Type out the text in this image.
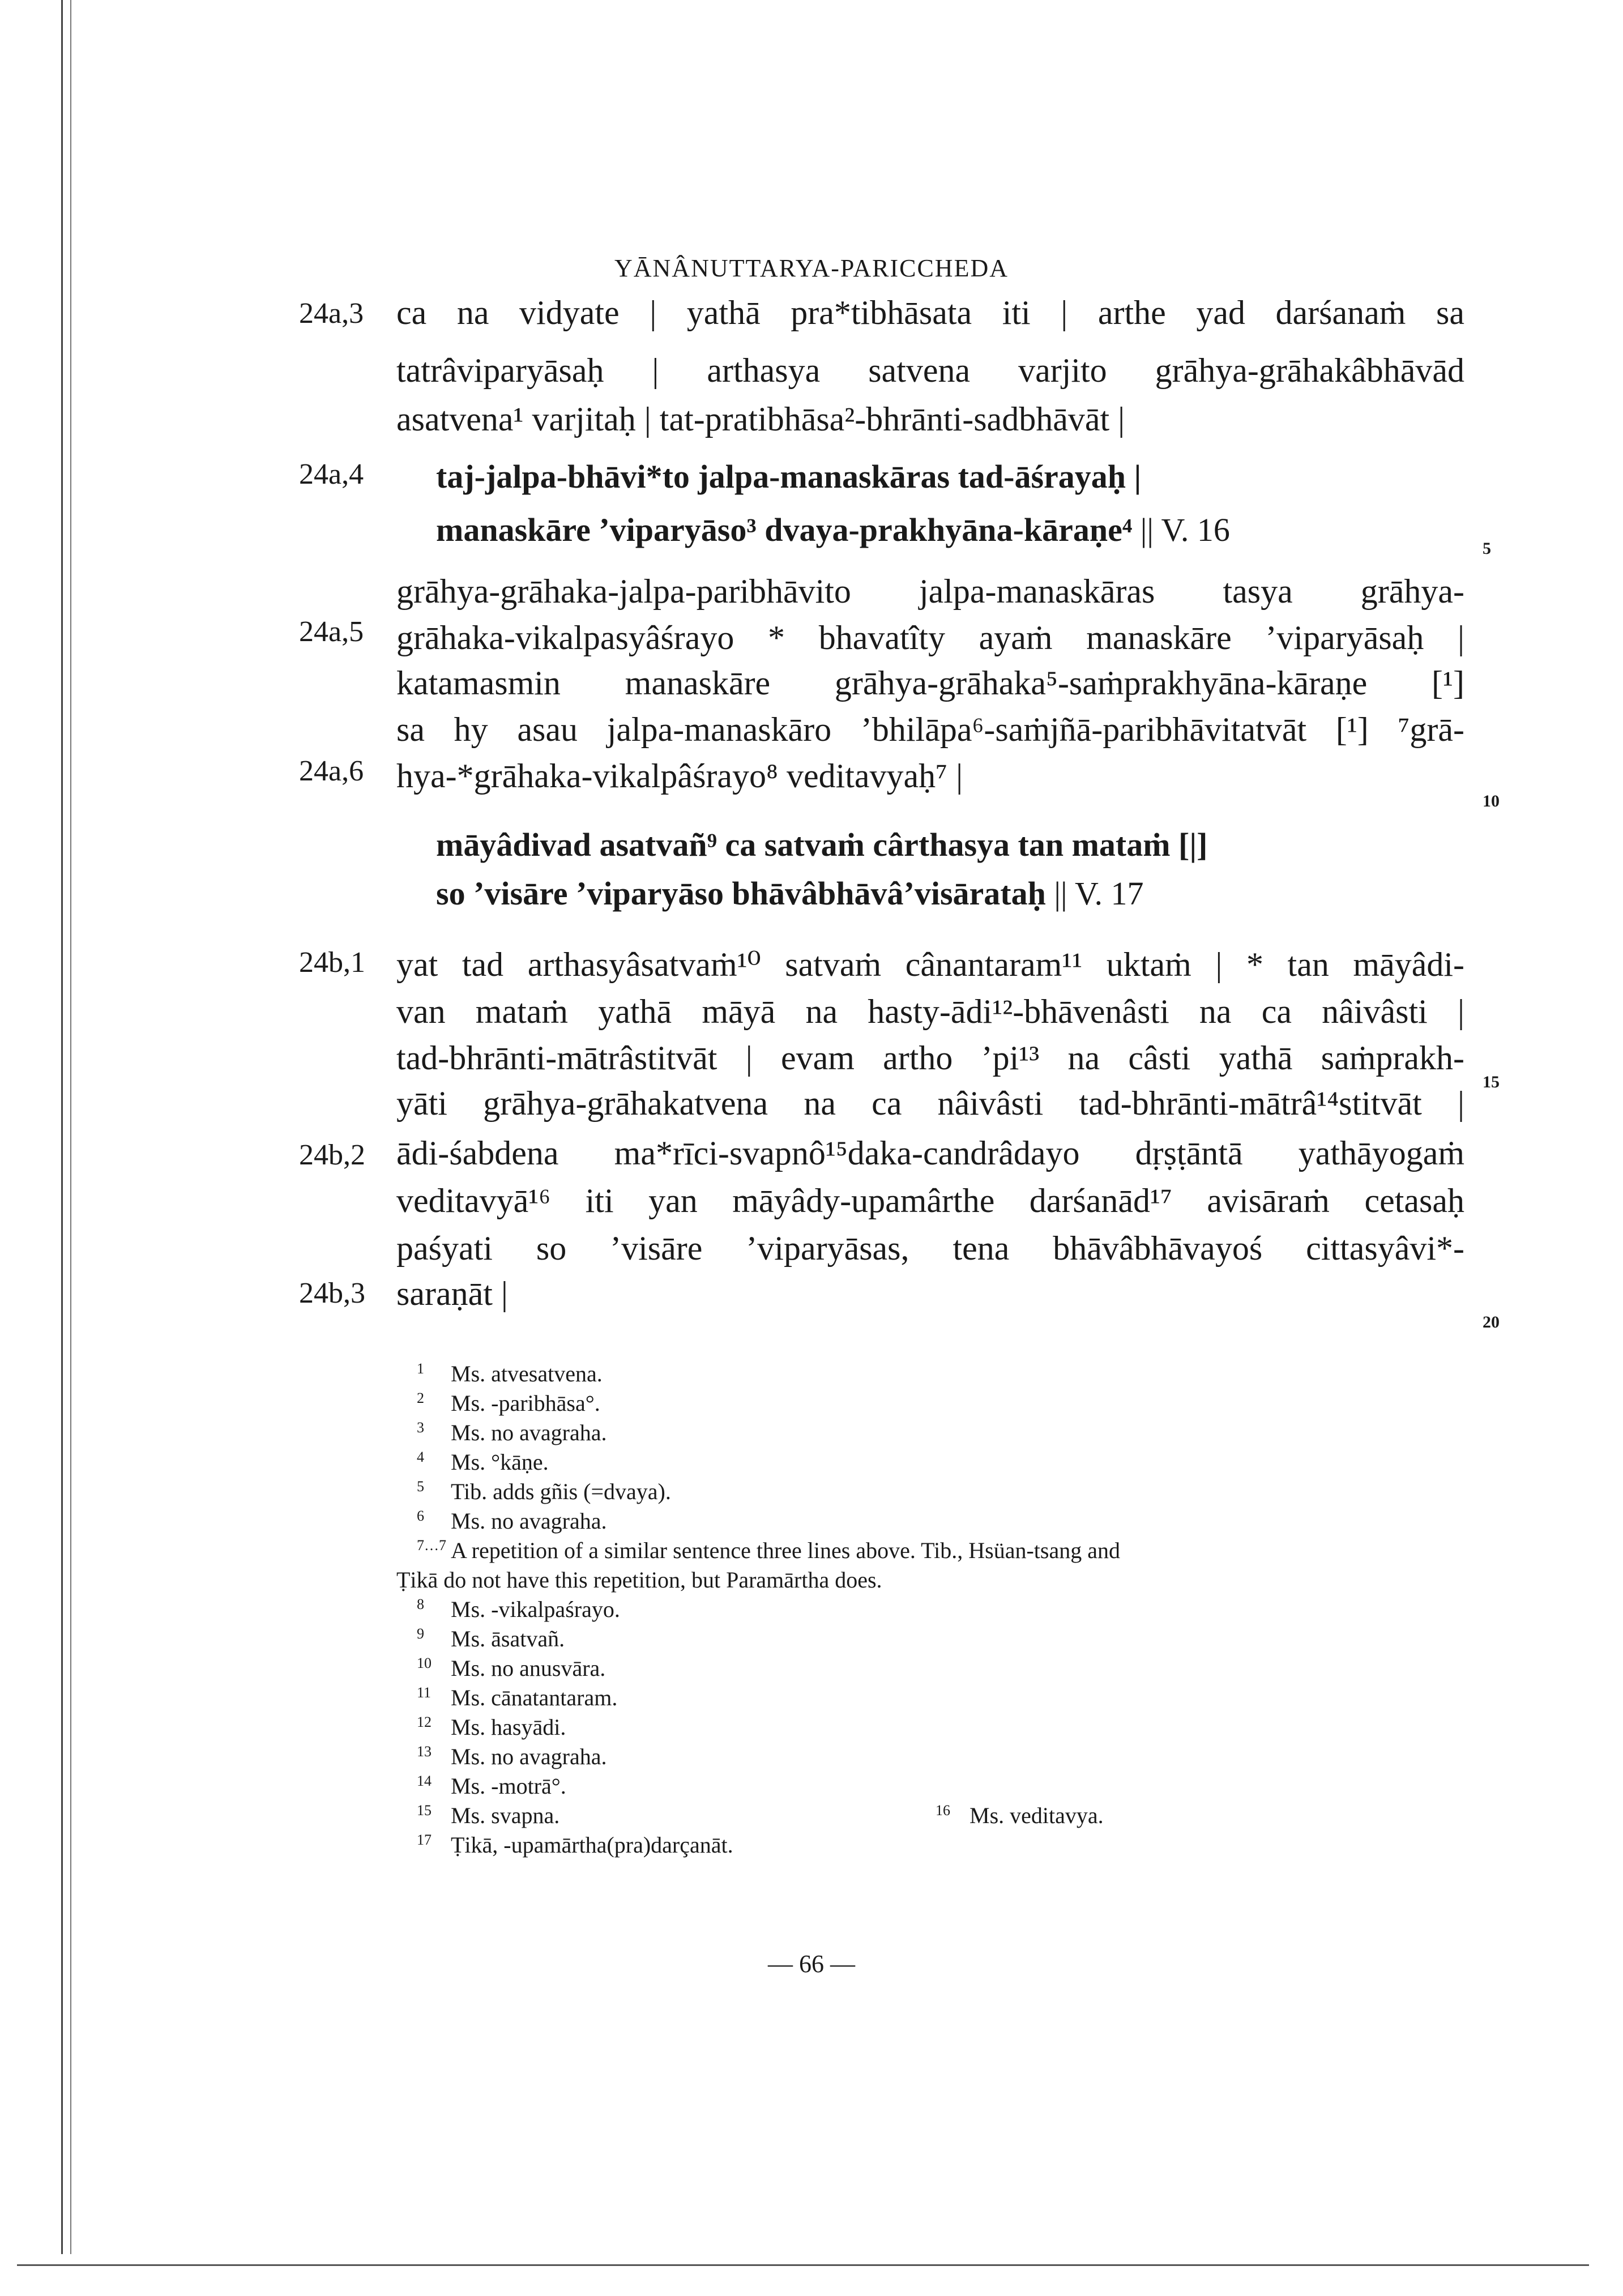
YĀNÂNUTTARYA-PARICCHEDA
24a,3 ca na vidyate | yathā pra*tibhāsata iti | arthe yad darśanaṁ sa
tatrâviparyāsaḥ | arthasya satvena varjito grāhya-grāhakâbhāvād
asatvena¹ varjitaḥ | tat-pratibhāsa²-bhrānti-sadbhāvāt |
24a,4 taj-jalpa-bhāvi*to jalpa-manaskāras tad-āśrayaḥ |
manaskāre ’viparyāso³ dvaya-prakhyāna-kāraṇe⁴ || V. 16
5
grāhya-grāhaka-jalpa-paribhāvito jalpa-manaskāras tasya grāhya-
24a,5 grāhaka-vikalpasyâśrayo * bhavatîty ayaṁ manaskāre ’viparyāsaḥ |
katamasmin manaskāre grāhya-grāhaka⁵-saṁprakhyāna-kāraṇe [¹]
sa hy asau jalpa-manaskāro ’bhilāpa⁶-saṁjñā-paribhāvitatvāt [¹] ⁷grā-
24a,6 hya-*grāhaka-vikalpâśrayo⁸ veditavyaḥ⁷ |
10
māyâdivad asatvañ⁹ ca satvaṁ cârthasya tan mataṁ [|]
so ’visāre ’viparyāso bhāvâbhāvâ’visārataḥ || V. 17
24b,1 yat tad arthasyâsatvaṁ¹⁰ satvaṁ cânantaram¹¹ uktaṁ | * tan māyâdi-
van mataṁ yathā māyā na hasty-ādi¹²-bhāvenâsti na ca nâivâsti |
tad-bhrānti-mātrâstitvāt | evam artho ’pi¹³ na câsti yathā saṁprakh-
15
yāti grāhya-grāhakatvena na ca nâivâsti tad-bhrānti-mātrâ¹⁴stitvāt |
24b,2 ādi-śabdena ma*rīci-svapnô¹⁵daka-candrâdayo dṛṣṭāntā yathāyogaṁ
veditavyā¹⁶ iti yan māyâdy-upamârthe darśanād¹⁷ avisāraṁ cetasaḥ
paśyati so ’visāre ’viparyāsas, tena bhāvâbhāvayoś cittasyâvi*-
24b,3 saraṇāt |
20
1 Ms. atvesatvena.
2 Ms. -paribhāsa°.
3 Ms. no avagraha.
4 Ms. °kāṇe.
5 Tib. adds gñis (=dvaya).
6 Ms. no avagraha.
7…7 A repetition of a similar sentence three lines above. Tib., Hsüan-tsang and
Ṭikā do not have this repetition, but Paramārtha does.
8 Ms. -vikalpaśrayo.
9 Ms. āsatvañ.
10 Ms. no anusvāra.
11 Ms. cānatantaram.
12 Ms. hasyādi.
13 Ms. no avagraha.
14 Ms. -motrā°.
15 Ms. svapna.	16 Ms. veditavya.
17 Ṭikā, -upamārtha(pra)darçanāt.
— 66 —
